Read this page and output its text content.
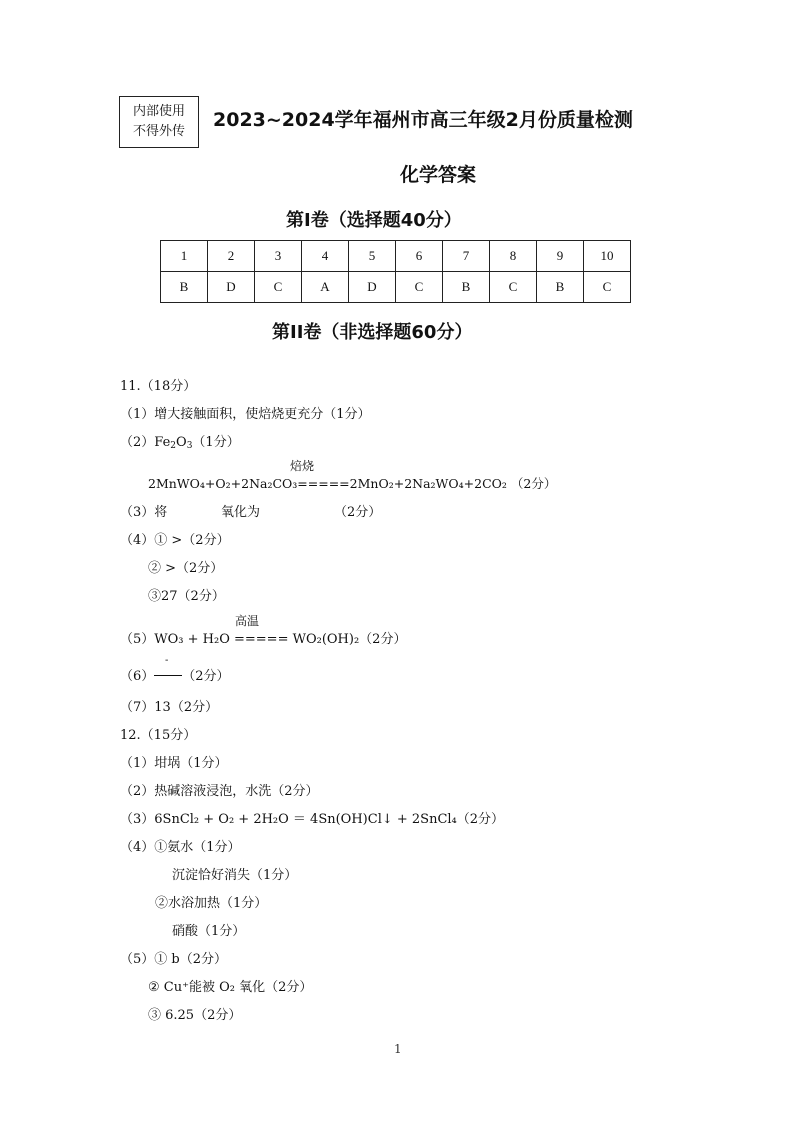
内部使用
不得外传
2023~2024学年福州市高三年级2月份质量检测
化学答案
第Ⅰ卷（选择题40分）
1	2	3	4	5	6	7	8	9	10
B	D	C	A	D	C	B	C	B	C
第II卷（非选择题60分）
11.（18分）
（1）增大接触面积，使焙烧更充分（1分）
$(2)Fe_2O_3(1$分）
焙烧
2MnWO₄+O₂+2Na₂CO₃=====2MnO₂+2Na₂WO₄+2CO₂ （2分）
（3）将	氧化为	（2分）
（4）① >（2分）
② >（2分）
③27（2分）
高温
（5）WO₃ + H₂O ===== WO₂(OH)₂（2分）
-
（6） （2分）
（7）13（2分）
12.（15分）
（1）坩埚（1分）
（2）热碱溶液浸泡，水洗（2分）
（3）6SnCl₂ + O₂ + 2H₂O ＝ 4Sn(OH)Cl↓ + 2SnCl₄（2分）
（4）①氨水（1分）
沉淀恰好消失（1分）
②水浴加热（1分）
硝酸（1分）
（5）① b（2分）
② Cu⁺能被 O₂ 氧化（2分）
③ 6.25（2分）
1
